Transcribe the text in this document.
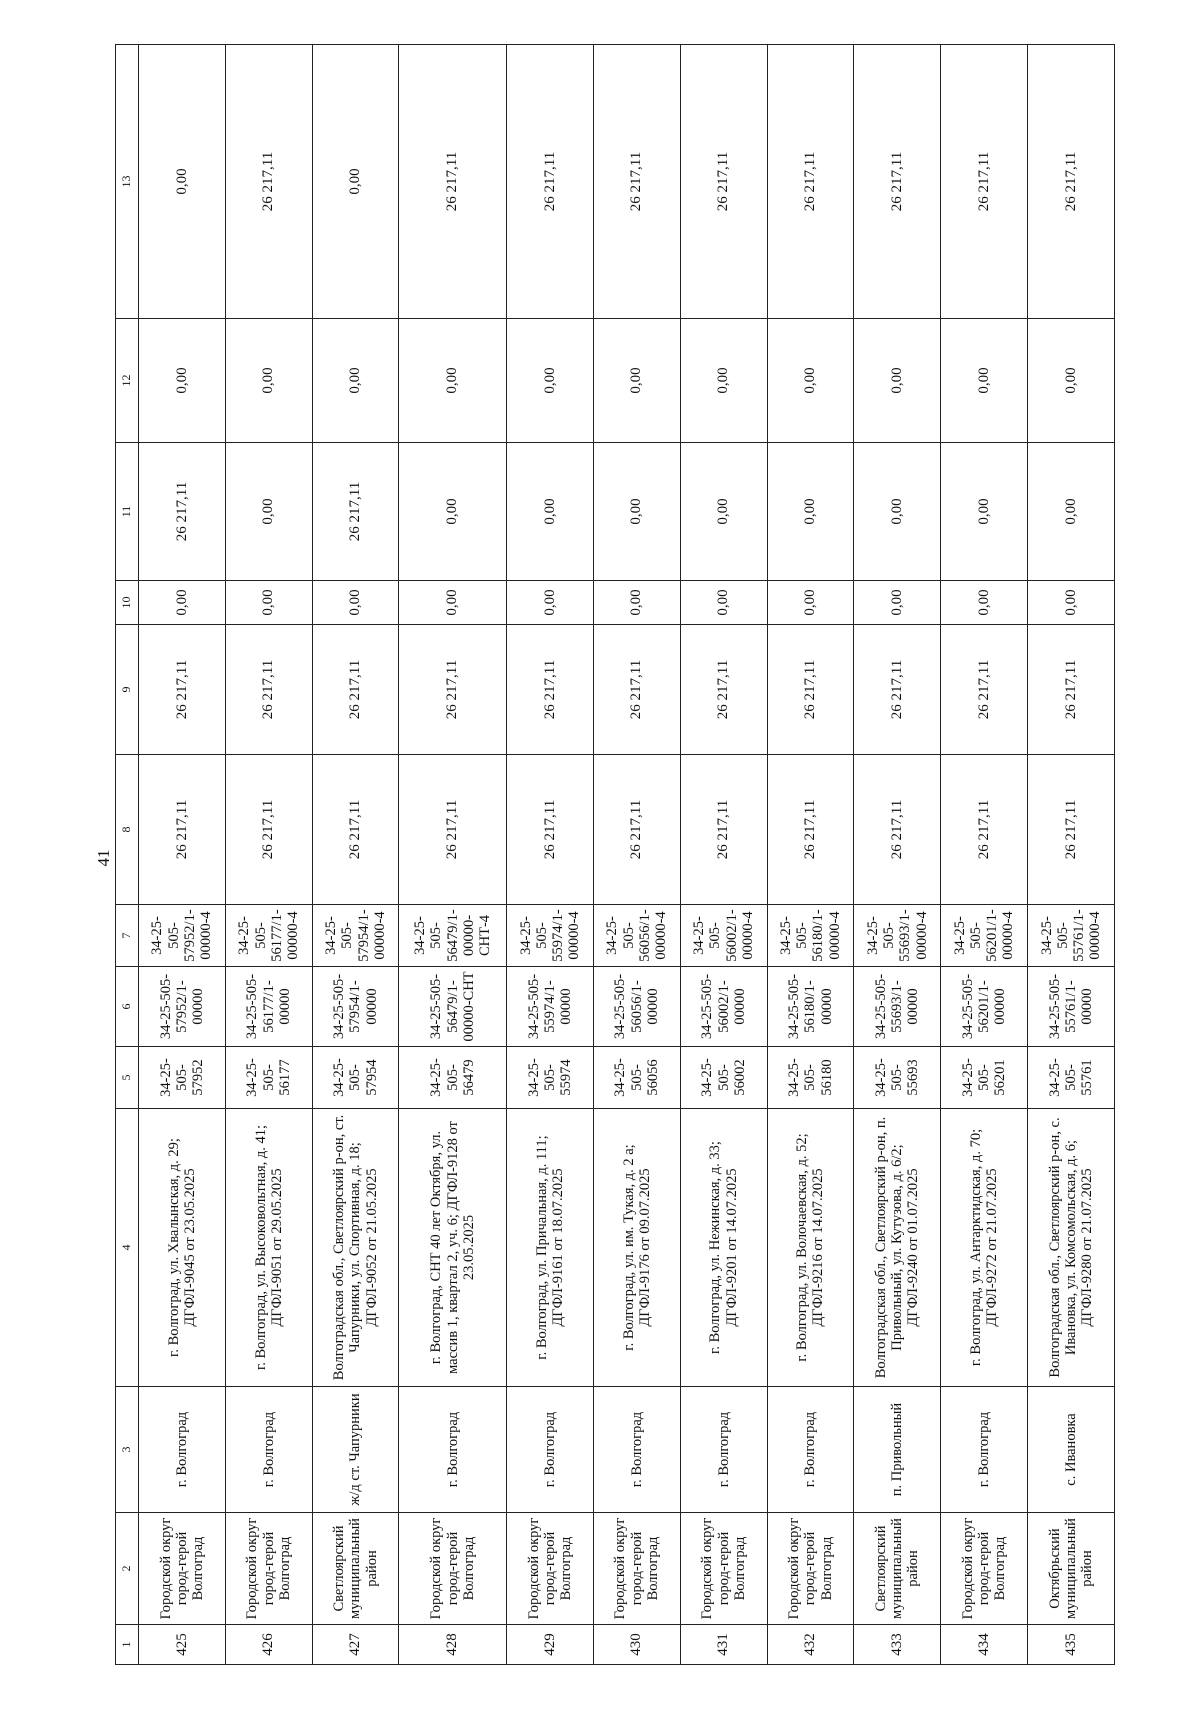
41
1	2	3	4	5	6	7	8	9	10	11	12	13
425	Городской округ город-герой Волгоград	г. Волгоград	г. Волгоград, ул. Хвалынская, д. 29; ДГФЛ-9045 от 23.05.2025	34-25-505-57952	34-25-505-57952/1-00000	34-25-505-57952/1-00000-4	26 217,11	26 217,11	0,00	26 217,11	0,00	0,00
426	Городской округ город-герой Волгоград	г. Волгоград	г. Волгоград, ул. Высоковольтная, д. 41; ДГФЛ-9051 от 29.05.2025	34-25-505-56177	34-25-505-56177/1-00000	34-25-505-56177/1-00000-4	26 217,11	26 217,11	0,00	0,00	0,00	26 217,11
427	Светлоярский муниципальный район	ж/д ст. Чапурники	Волгоградская обл., Светлоярский р-он, ст. Чапурники, ул. Спортивная, д. 18; ДГФЛ-9052 от 21.05.2025	34-25-505-57954	34-25-505-57954/1-00000	34-25-505-57954/1-00000-4	26 217,11	26 217,11	0,00	26 217,11	0,00	0,00
428	Городской округ город-герой Волгоград	г. Волгоград	г. Волгоград, СНТ 40 лет Октября, ул. массив 1, квартал 2, уч. 6; ДГФЛ-9128 от 23.05.2025	34-25-505-56479	34-25-505-56479/1-00000-СНТ	34-25-505-56479/1-00000-СНТ-4	26 217,11	26 217,11	0,00	0,00	0,00	26 217,11
429	Городской округ город-герой Волгоград	г. Волгоград	г. Волгоград, ул. Причальная, д. 111; ДГФЛ-9161 от 18.07.2025	34-25-505-55974	34-25-505-55974/1-00000	34-25-505-55974/1-00000-4	26 217,11	26 217,11	0,00	0,00	0,00	26 217,11
430	Городской округ город-герой Волгоград	г. Волгоград	г. Волгоград, ул. им. Тукая, д. 2 а; ДГФЛ-9176 от 09.07.2025	34-25-505-56056	34-25-505-56056/1-00000	34-25-505-56056/1-00000-4	26 217,11	26 217,11	0,00	0,00	0,00	26 217,11
431	Городской округ город-герой Волгоград	г. Волгоград	г. Волгоград, ул. Нежинская, д. 33; ДГФЛ-9201 от 14.07.2025	34-25-505-56002	34-25-505-56002/1-00000	34-25-505-56002/1-00000-4	26 217,11	26 217,11	0,00	0,00	0,00	26 217,11
432	Городской округ город-герой Волгоград	г. Волгоград	г. Волгоград, ул. Волочаевская, д. 52; ДГФЛ-9216 от 14.07.2025	34-25-505-56180	34-25-505-56180/1-00000	34-25-505-56180/1-00000-4	26 217,11	26 217,11	0,00	0,00	0,00	26 217,11
433	Светлоярский муниципальный район	п. Привольный	Волгоградская обл., Светлоярский р-он, п. Привольный, ул. Кутузова, д. 6/2; ДГФЛ-9240 от 01.07.2025	34-25-505-55693	34-25-505-55693/1-00000	34-25-505-55693/1-00000-4	26 217,11	26 217,11	0,00	0,00	0,00	26 217,11
434	Городской округ город-герой Волгоград	г. Волгоград	г. Волгоград, ул. Антарктидская, д. 70; ДГФЛ-9272 от 21.07.2025	34-25-505-56201	34-25-505-56201/1-00000	34-25-505-56201/1-00000-4	26 217,11	26 217,11	0,00	0,00	0,00	26 217,11
435	Октябрьский муниципальный район	с. Ивановка	Волгоградская обл., Светлоярский р-он, с. Ивановка, ул. Комсомольская, д. 6; ДГФЛ-9280 от 21.07.2025	34-25-505-55761	34-25-505-55761/1-00000	34-25-505-55761/1-00000-4	26 217,11	26 217,11	0,00	0,00	0,00	26 217,11
